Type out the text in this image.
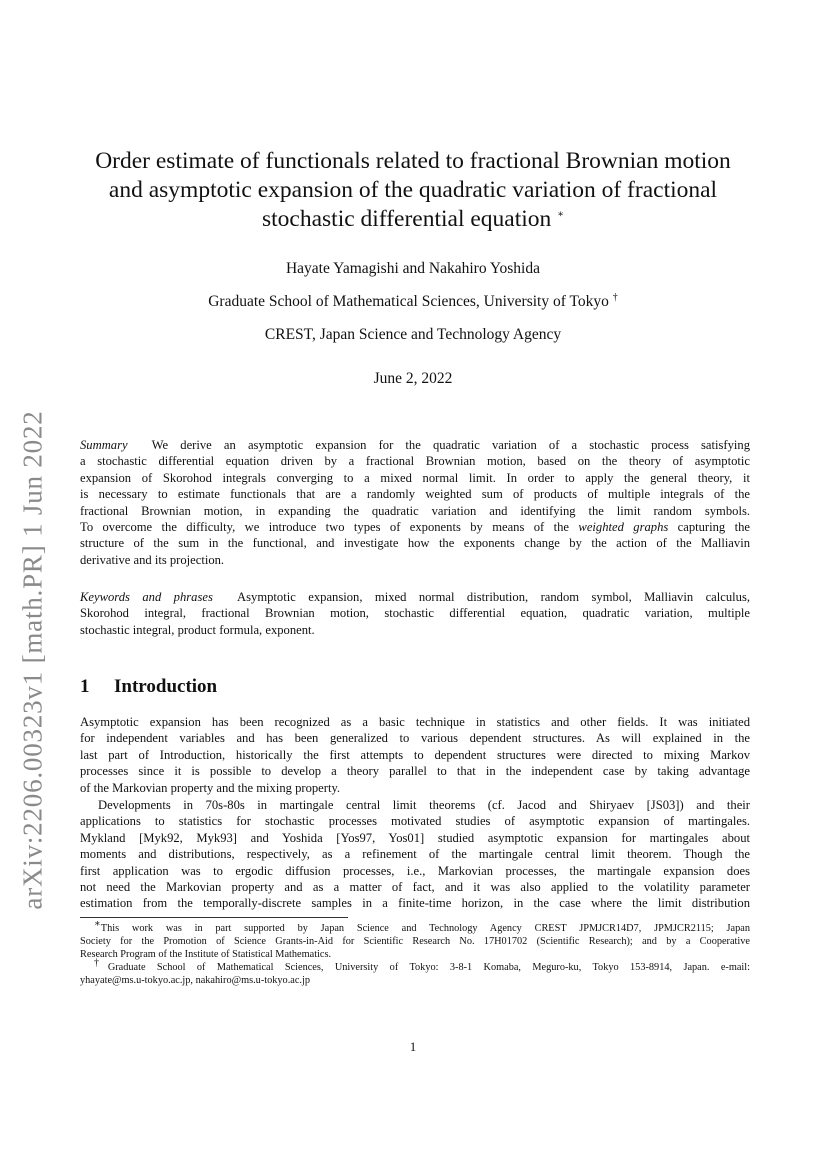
arXiv:2206.00323v1 [math.PR] 1 Jun 2022
Order estimate of functionals related to fractional Brownian motion
and asymptotic expansion of the quadratic variation of fractional
stochastic differential equation ∗
Hayate Yamagishi and Nakahiro Yoshida
Graduate School of Mathematical Sciences, University of Tokyo †
CREST, Japan Science and Technology Agency
June 2, 2022
Summary We derive an asymptotic expansion for the quadratic variation of a stochastic process satisfying
a stochastic differential equation driven by a fractional Brownian motion, based on the theory of asymptotic
expansion of Skorohod integrals converging to a mixed normal limit. In order to apply the general theory, it
is necessary to estimate functionals that are a randomly weighted sum of products of multiple integrals of the
fractional Brownian motion, in expanding the quadratic variation and identifying the limit random symbols.
To overcome the difficulty, we introduce two types of exponents by means of the weighted graphs capturing the
structure of the sum in the functional, and investigate how the exponents change by the action of the Malliavin
derivative and its projection.
Keywords and phrases Asymptotic expansion, mixed normal distribution, random symbol, Malliavin calculus,
Skorohod integral, fractional Brownian motion, stochastic differential equation, quadratic variation, multiple
stochastic integral, product formula, exponent.
1 Introduction
Asymptotic expansion has been recognized as a basic technique in statistics and other fields. It was initiated
for independent variables and has been generalized to various dependent structures. As will explained in the
last part of Introduction, historically the first attempts to dependent structures were directed to mixing Markov
processes since it is possible to develop a theory parallel to that in the independent case by taking advantage
of the Markovian property and the mixing property.
Developments in 70s-80s in martingale central limit theorems (cf. Jacod and Shiryaev [JS03]) and their
applications to statistics for stochastic processes motivated studies of asymptotic expansion of martingales.
Mykland [Myk92, Myk93] and Yoshida [Yos97, Yos01] studied asymptotic expansion for martingales about
moments and distributions, respectively, as a refinement of the martingale central limit theorem. Though the
first application was to ergodic diffusion processes, i.e., Markovian processes, the martingale expansion does
not need the Markovian property and as a matter of fact, and it was also applied to the volatility parameter
estimation from the temporally-discrete samples in a finite-time horizon, in the case where the limit distribution
∗This work was in part supported by Japan Science and Technology Agency CREST JPMJCR14D7, JPMJCR2115; Japan
Society for the Promotion of Science Grants-in-Aid for Scientific Research No. 17H01702 (Scientific Research); and by a Cooperative
Research Program of the Institute of Statistical Mathematics.
†Graduate School of Mathematical Sciences, University of Tokyo: 3-8-1 Komaba, Meguro-ku, Tokyo 153-8914, Japan. e-mail:
yhayate@ms.u-tokyo.ac.jp, nakahiro@ms.u-tokyo.ac.jp
1
